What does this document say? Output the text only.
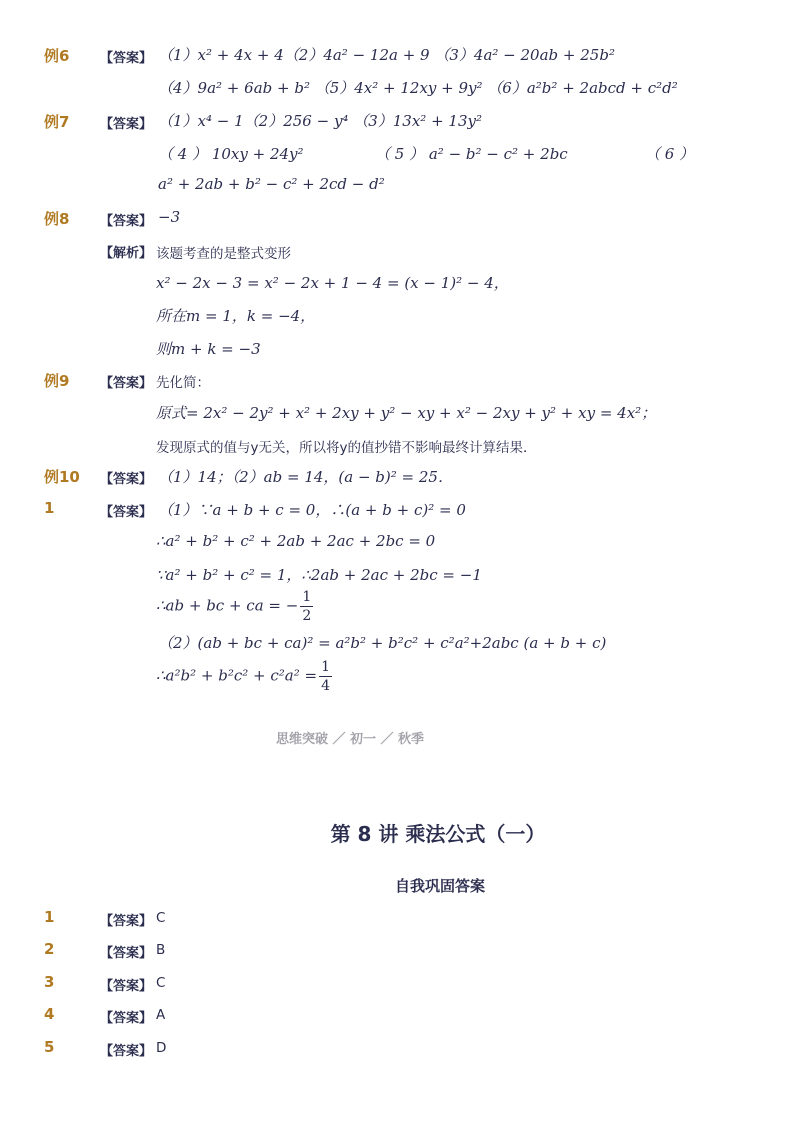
例6 【答案】 （1）x² + 4x + 4（2）4a² − 12a + 9 （3）4a² − 20ab + 25b²
（4）9a² + 6ab + b² （5）4x² + 12xy + 9y² （6）a²b² + 2abcd + c²d²
例7 【答案】 （1）x⁴ − 1（2）256 − y⁴ （3）13x² + 13y²
（ 4 ） 10xy + 24y²	（ 5 ） a² − b² − c² + 2bc	（ 6 ）
a² + 2ab + b² − c² + 2cd − d²
例8 【答案】 −3
【解析】 该题考查的是整式变形
x² − 2x − 3 = x² − 2x + 1 − 4 = (x − 1)² − 4，
所在m = 1，k = −4，
则m + k = −3
例9 【答案】 先化简：
原式= 2x² − 2y² + x² + 2xy + y² − xy + x² − 2xy + y² + xy = 4x²；
发现原式的值与y无关，所以将y的值抄错不影响最终计算结果．
例10 【答案】 （1）14；（2）ab = 14，(a − b)² = 25．
1	【答案】 （1）∵a + b + c = 0，∴(a + b + c)² = 0
∴a² + b² + c² + 2ab + 2ac + 2bc = 0
∵a² + b² + c² = 1，∴2ab + 2ac + 2bc = −1
∴ab + bc + ca = − $\frac{1}{2}$
（2）(ab + bc + ca)² = a²b² + b²c² + c²a²+2abc (a + b + c)
∴a²b² + $b^2c^2 + c^2a^2 = \frac{1}{4}$
思维突破 ／ 初一 ／ 秋季
第 8 讲 乘法公式（一）
自我巩固答案
1	【答案】 C
2	【答案】 B
3	【答案】 C
4	【答案】 A
5	【答案】 D
